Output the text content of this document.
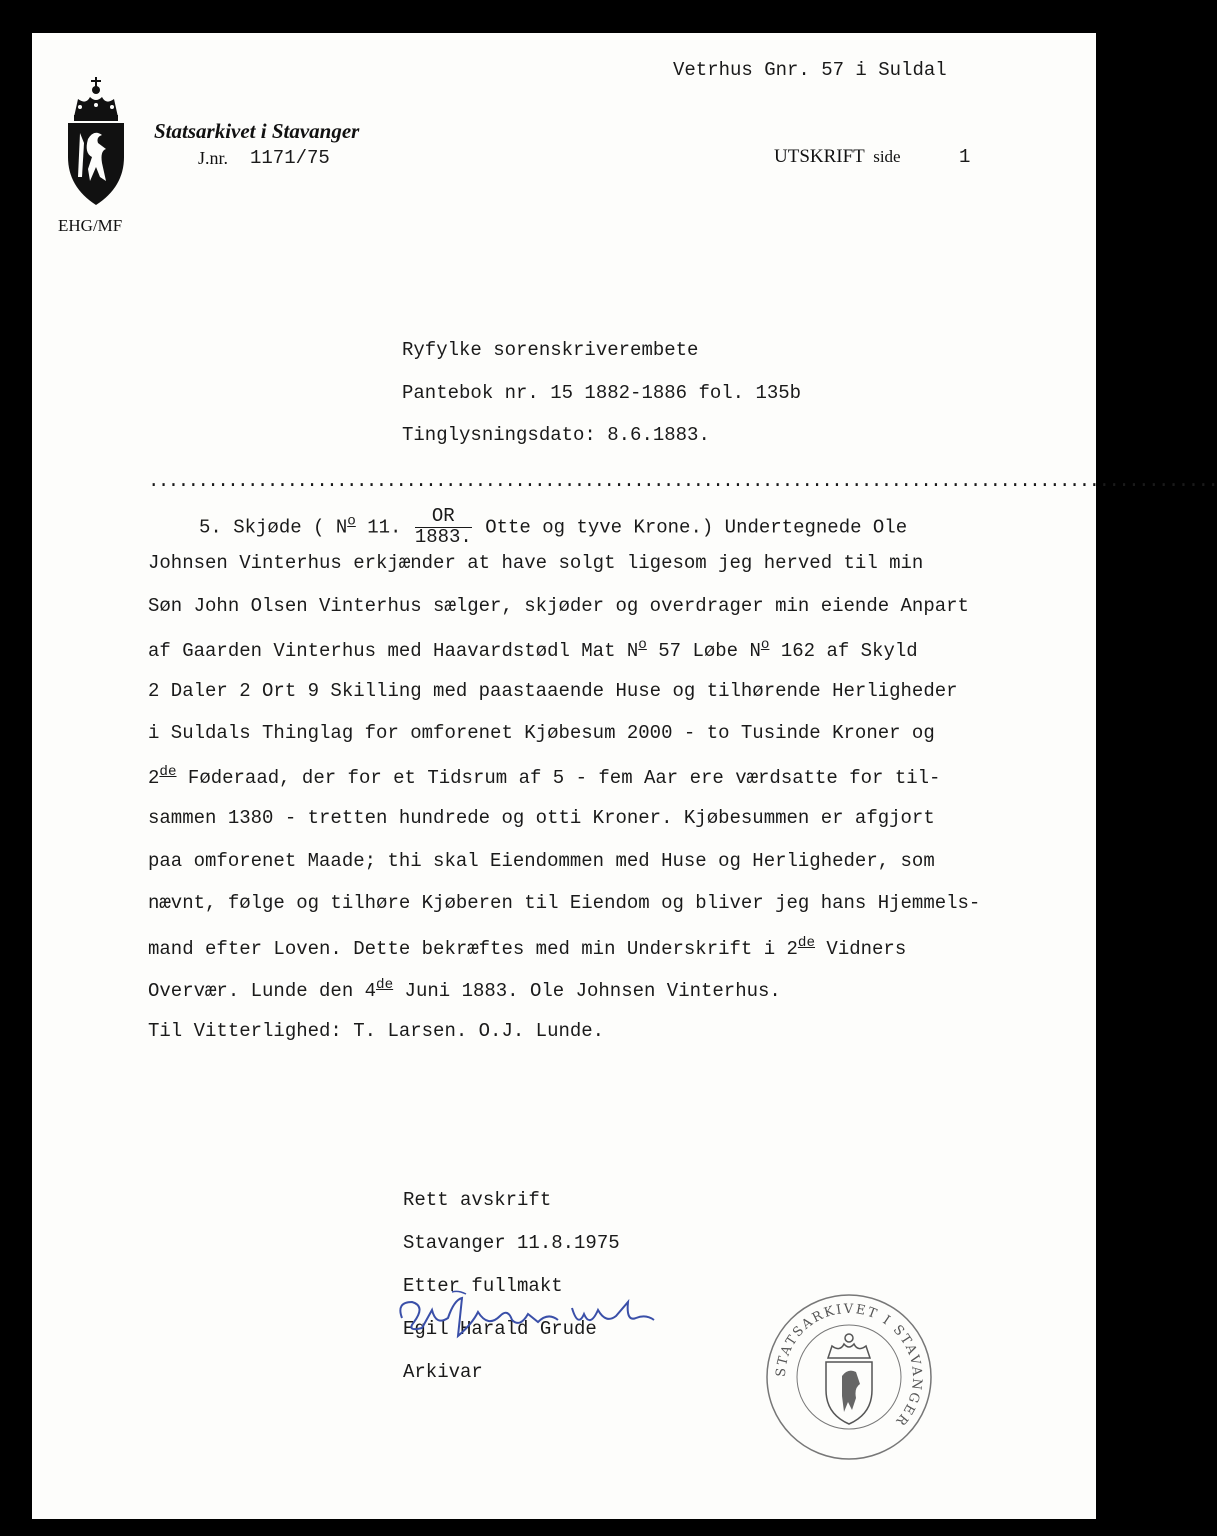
Statsarkivet i Stavanger
J.nr. 1171/75
Vetrhus Gnr. 57 i Suldal
UTSKRIFT side	1
EHG/MF
Ryfylke sorenskriverembete
Pantebok nr. 15 1882-1886 fol. 135b
Tinglysningsdato: 8.6.1883.
............................................................................................................
5. Skjøde ( $N^o$ 11. $\frac{OR}{1883.}$ Otte og tyve Krone.) Undertegnede Ole
Johnsen Vinterhus erkjænder at have solgt ligesom jeg herved til min
Søn John Olsen Vinterhus sælger, skjøder og overdrager min eiende Anpart
af Gaarden Vinterhus med Haavardstødl Mat $N^o$ 57 Løbe $N^o$ 162 af Skyld
2 Daler 2 Ort 9 Skilling med paastaaende Huse og tilhørende Herligheder
i Suldals Thinglag for omforenet Kjøbesum 2000 - to Tusinde Kroner og
2de Føderaad, der for et Tidsrum af 5 - fem Aar ere værdsatte for til-
sammen 1380 - tretten hundrede og otti Kroner. Kjøbesummen er afgjort
paa omforenet Maade; thi skal Eiendommen med Huse og Herligheder, som
nævnt, følge og tilhøre Kjøberen til Eiendom og bliver jeg hans Hjemmels-
mand efter Loven. Dette bekræftes med min Underskrift i 2de Vidners
Overvær. Lunde den 4de Juni 1883. Ole Johnsen Vinterhus.
Til Vitterlighed: T. Larsen. O.J. Lunde.
Rett avskrift
Stavanger 11.8.1975
Etter fullmakt
Egil Harald Grude
Arkivar	STATSARKIVET I STAVANGER
